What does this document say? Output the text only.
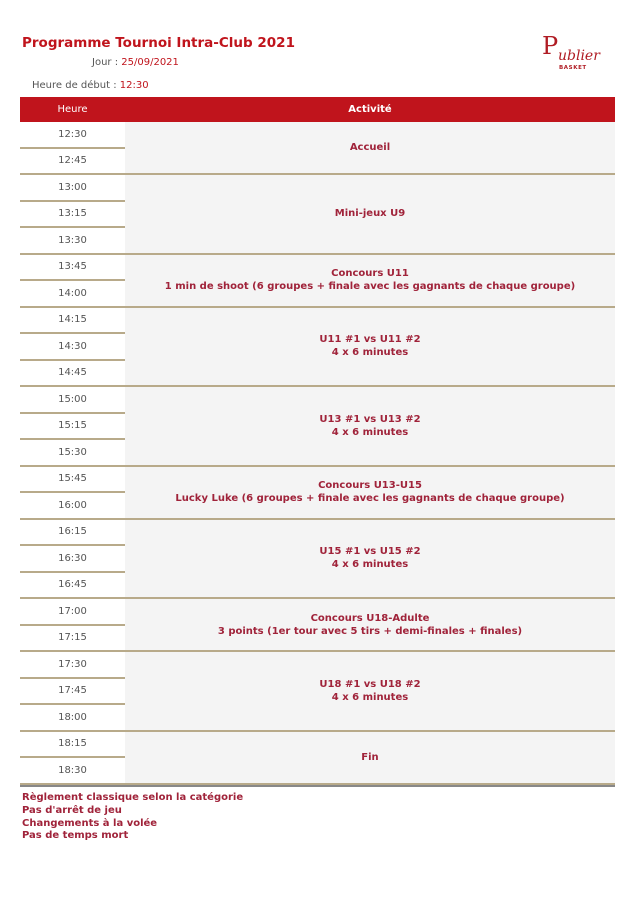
Programme Tournoi Intra-Club 2021
Jour : 25/09/2021
Heure de début : 12:30
P ublier
BASKET
Heure	Activité
12:30
12:45
Accueil
13:00
13:15
13:30
Mini-jeux U9
13:45
14:00
Concours U11
1 min de shoot (6 groupes + finale avec les gagnants de chaque groupe)
14:15
14:30
14:45
U11 #1 vs U11 #2
4 x 6 minutes
15:00
15:15
15:30
U13 #1 vs U13 #2
4 x 6 minutes
15:45
16:00
Concours U13-U15
Lucky Luke (6 groupes + finale avec les gagnants de chaque groupe)
16:15
16:30
16:45
U15 #1 vs U15 #2
4 x 6 minutes
17:00
17:15
Concours U18-Adulte
3 points (1er tour avec 5 tirs + demi-finales + finales)
17:30
17:45
18:00
U18 #1 vs U18 #2
4 x 6 minutes
18:15
18:30
Fin
Règlement classique selon la catégorie
Pas d'arrêt de jeu
Changements à la volée
Pas de temps mort
